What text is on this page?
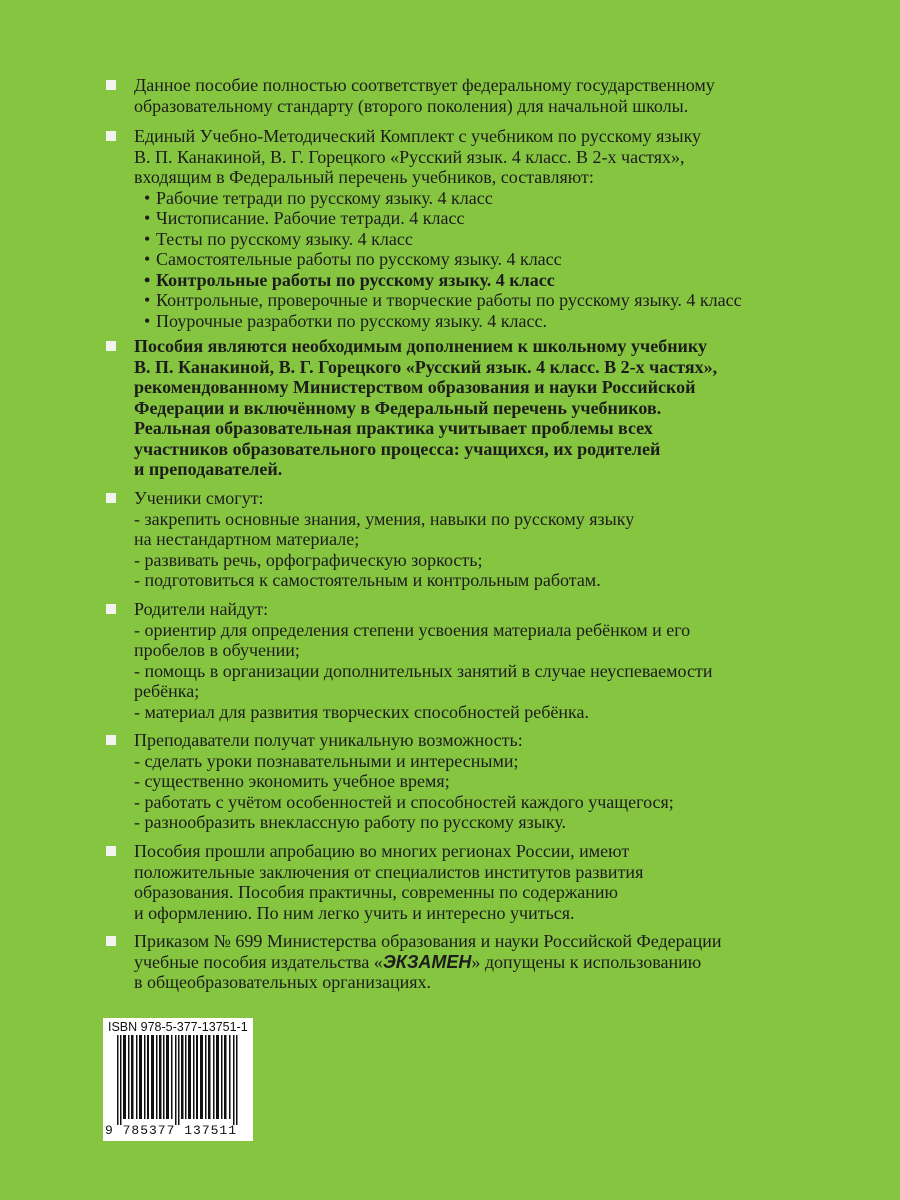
Данное пособие полностью соответствует федеральному государственному
образовательному стандарту (второго поколения) для начальной школы.
Единый Учебно-Методический Комплект с учебником по русскому языку
В. П. Канакиной, В. Г. Горецкого «Русский язык. 4 класс. В 2-х частях»,
входящим в Федеральный перечень учебников, составляют:
• Рабочие тетради по русскому языку. 4 класс
• Чистописание. Рабочие тетради. 4 класс
• Тесты по русскому языку. 4 класс
• Самостоятельные работы по русскому языку. 4 класс
• Контрольные работы по русскому языку. 4 класс
• Контрольные, проверочные и творческие работы по русскому языку. 4 класс
• Поурочные разработки по русскому языку. 4 класс.
Пособия являются необходимым дополнением к школьному учебнику
В. П. Канакиной, В. Г. Горецкого «Русский язык. 4 класс. В 2-х частях»,
рекомендованному Министерством образования и науки Российской
Федерации и включённому в Федеральный перечень учебников.
Реальная образовательная практика учитывает проблемы всех
участников образовательного процесса: учащихся, их родителей
и преподавателей.
Ученики смогут:
- закрепить основные знания, умения, навыки по русскому языку
на нестандартном материале;
- развивать речь, орфографическую зоркость;
- подготовиться к самостоятельным и контрольным работам.
Родители найдут:
- ориентир для определения степени усвоения материала ребёнком и его
пробелов в обучении;
- помощь в организации дополнительных занятий в случае неуспеваемости
ребёнка;
- материал для развития творческих способностей ребёнка.
Преподаватели получат уникальную возможность:
- сделать уроки познавательными и интересными;
- существенно экономить учебное время;
- работать с учётом особенностей и способностей каждого учащегося;
- разнообразить внеклассную работу по русскому языку.
Пособия прошли апробацию во многих регионах России, имеют
положительные заключения от специалистов институтов развития
образования. Пособия практичны, современны по содержанию
и оформлению. По ним легко учить и интересно учиться.
Приказом № 699 Министерства образования и науки Российской Федерации
учебные пособия издательства «ЭКЗАМЕН» допущены к использованию
в общеобразовательных организациях.
ISBN 978-5-377-13751-1
9 785377 137511
